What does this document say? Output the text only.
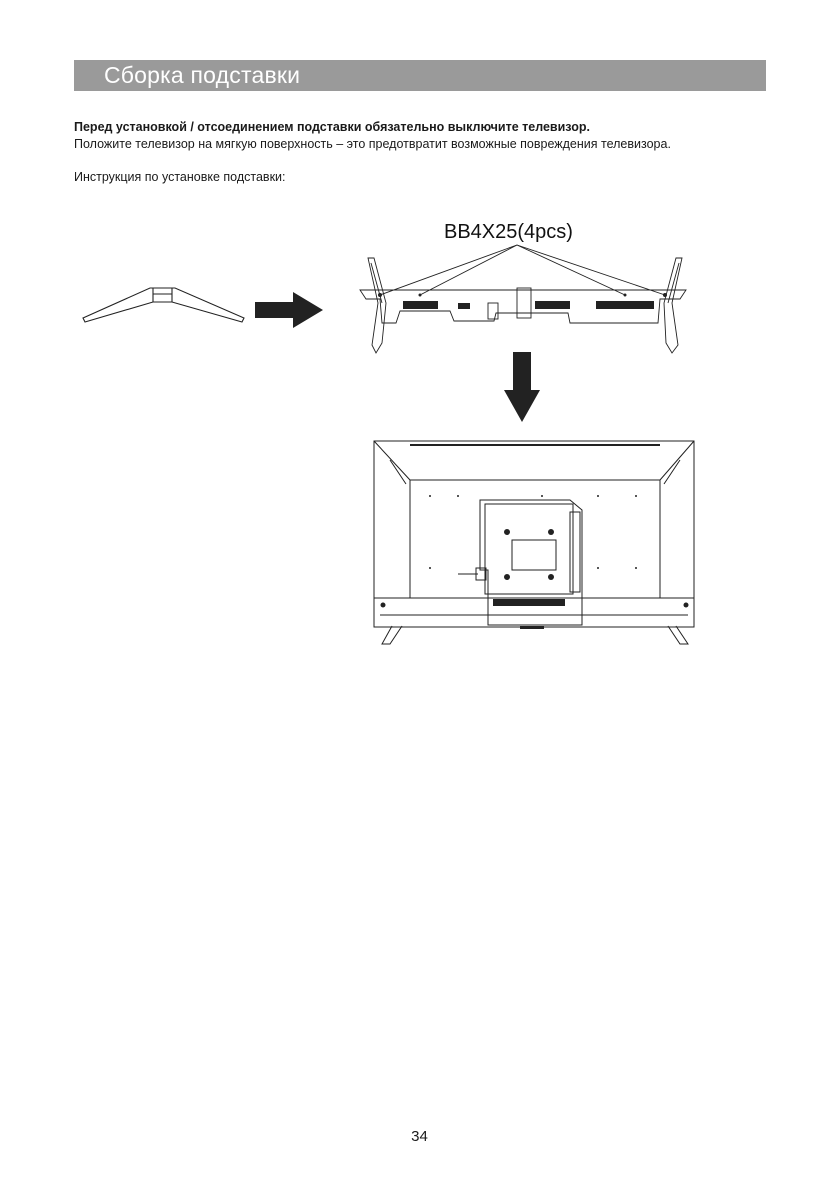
Сборка подставки
Перед установкой / отсоединением подставки обязательно выключите телевизор.
Положите телевизор на мягкую поверхность – это предотвратит возможные повреждения телевизора.
Инструкция по установке подставки:
BB4X25(4pcs)
34
